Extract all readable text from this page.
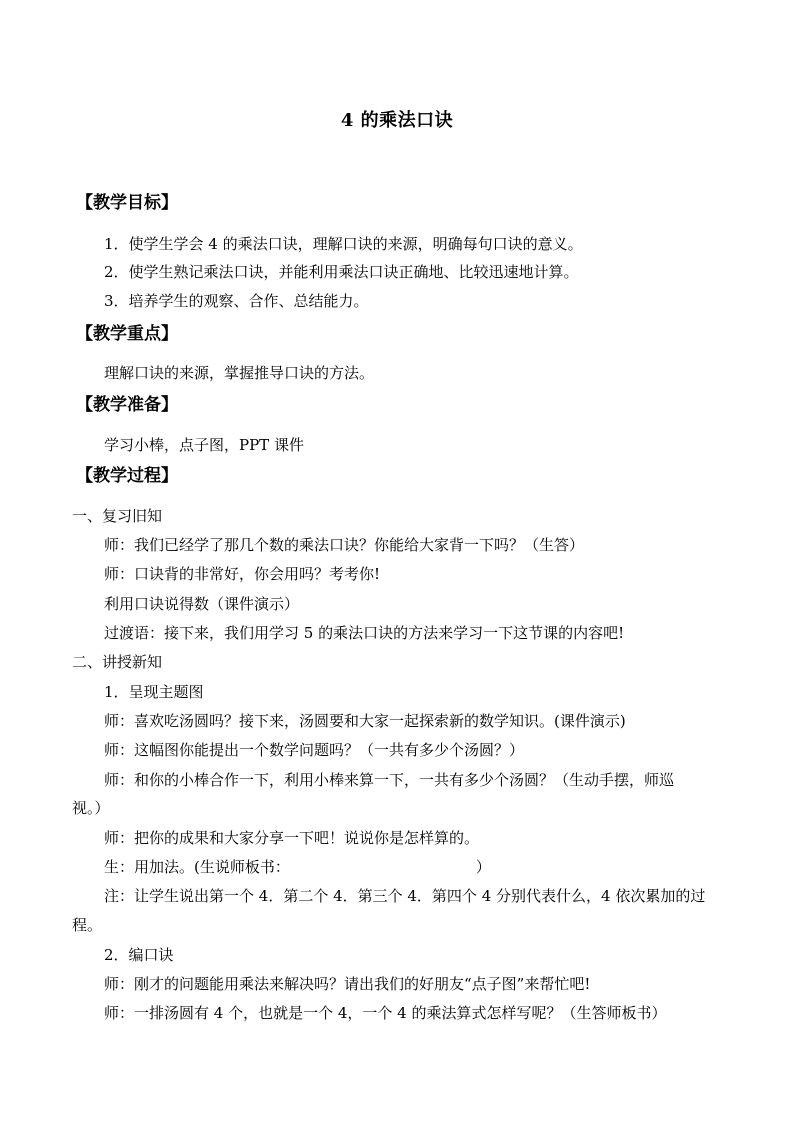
4 的乘法口诀
【教学目标】
1．使学生学会 4 的乘法口诀，理解口诀的来源，明确每句口诀的意义。
2．使学生熟记乘法口诀，并能利用乘法口诀正确地、比较迅速地计算。
3．培养学生的观察、合作、总结能力。
【教学重点】
理解口诀的来源，掌握推导口诀的方法。
【教学准备】
学习小棒，点子图，PPT 课件
【教学过程】
一、复习旧知
师：我们已经学了那几个数的乘法口诀？你能给大家背一下吗？（生答）
师：口诀背的非常好，你会用吗？考考你!
利用口诀说得数（课件演示）
过渡语：接下来，我们用学习 5 的乘法口诀的方法来学习一下这节课的内容吧!
二、讲授新知
1．呈现主题图
师：喜欢吃汤圆吗？接下来，汤圆要和大家一起探索新的数学知识。(课件演示)
师：这幅图你能提出一个数学问题吗？（一共有多少个汤圆？）
师：和你的小棒合作一下，利用小棒来算一下，一共有多少个汤圆？（生动手摆，师巡
视。）
师：把你的成果和大家分享一下吧！说说你是怎样算的。
生：用加法。(生说师板书：	）
注：让学生说出第一个 4．第二个 4．第三个 4．第四个 4 分别代表什么，4 依次累加的过
程。
2．编口诀
师：刚才的问题能用乘法来解决吗？请出我们的好朋友“点子图”来帮忙吧!
师：一排汤圆有 4 个，也就是一个 4，一个 4 的乘法算式怎样写呢？（生答师板书）
